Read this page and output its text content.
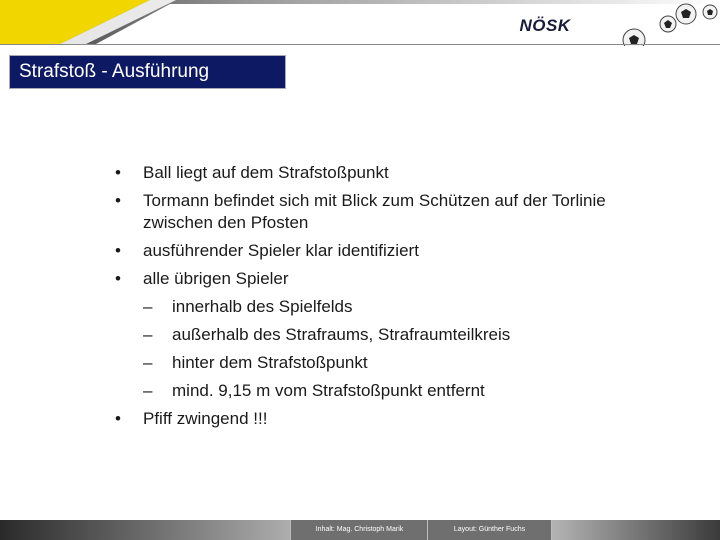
NÖSK
Strafstoß - Ausführung
• Ball liegt auf dem Strafstoßpunkt
• Tormann befindet sich mit Blick zum Schützen auf der Torlinie zwischen den Pfosten
• ausführender Spieler klar identifiziert
• alle übrigen Spieler
– innerhalb des Spielfelds
– außerhalb des Strafraums, Strafraumteilkreis
– hinter dem Strafstoßpunkt
– mind. 9,15 m vom Strafstoßpunkt entfernt
• Pfiff zwingend !!!
Inhalt: Mag. Christoph Marik	Layout: Günther Fuchs
